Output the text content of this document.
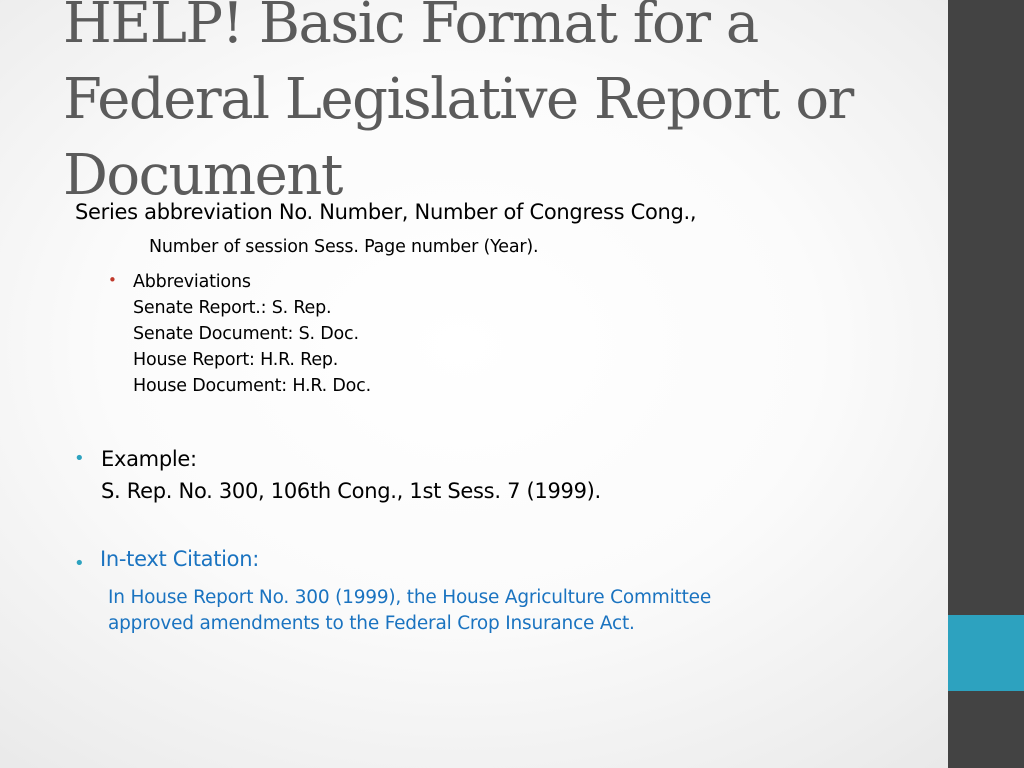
HELP! Basic Format for a
Federal Legislative Report or
Document
Series abbreviation No. Number, Number of Congress Cong.,
Number of session Sess. Page number (Year).
• Abbreviations
Senate Report.: S. Rep.
Senate Document: S. Doc.
House Report: H.R. Rep.
House Document: H.R. Doc.
• Example:
S. Rep. No. 300, 106th Cong., 1st Sess. 7 (1999).
• In-text Citation:
In House Report No. 300 (1999), the House Agriculture Committee
approved amendments to the Federal Crop Insurance Act.
